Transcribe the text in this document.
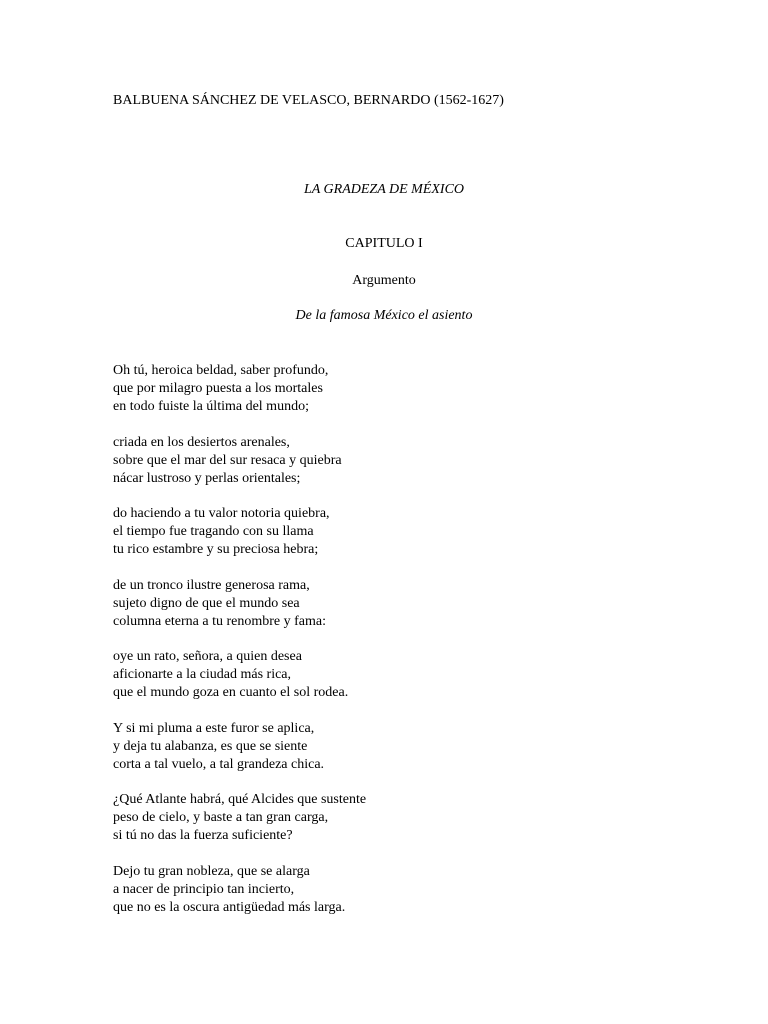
BALBUENA SÁNCHEZ DE VELASCO, BERNARDO (1562-1627)

LA GRADEZA DE MÉXICO

CAPITULO I

Argumento

De la famosa México el asiento

Oh tú, heroica beldad, saber profundo,
que por milagro puesta a los mortales
en todo fuiste la última del mundo;
criada en los desiertos arenales,
sobre que el mar del sur resaca y quiebra
nácar lustroso y perlas orientales;
do haciendo a tu valor notoria quiebra,
el tiempo fue tragando con su llama
tu rico estambre y su preciosa hebra;
de un tronco ilustre generosa rama,
sujeto digno de que el mundo sea
columna eterna a tu renombre y fama:
oye un rato, señora, a quien desea
aficionarte a la ciudad más rica,
que el mundo goza en cuanto el sol rodea.
Y si mi pluma a este furor se aplica,
y deja tu alabanza, es que se siente
corta a tal vuelo, a tal grandeza chica.
¿Qué Atlante habrá, qué Alcides que sustente
peso de cielo, y baste a tan gran carga,
si tú no das la fuerza suficiente?
Dejo tu gran nobleza, que se alarga
a nacer de principio tan incierto,
que no es la oscura antigüedad más larga.
